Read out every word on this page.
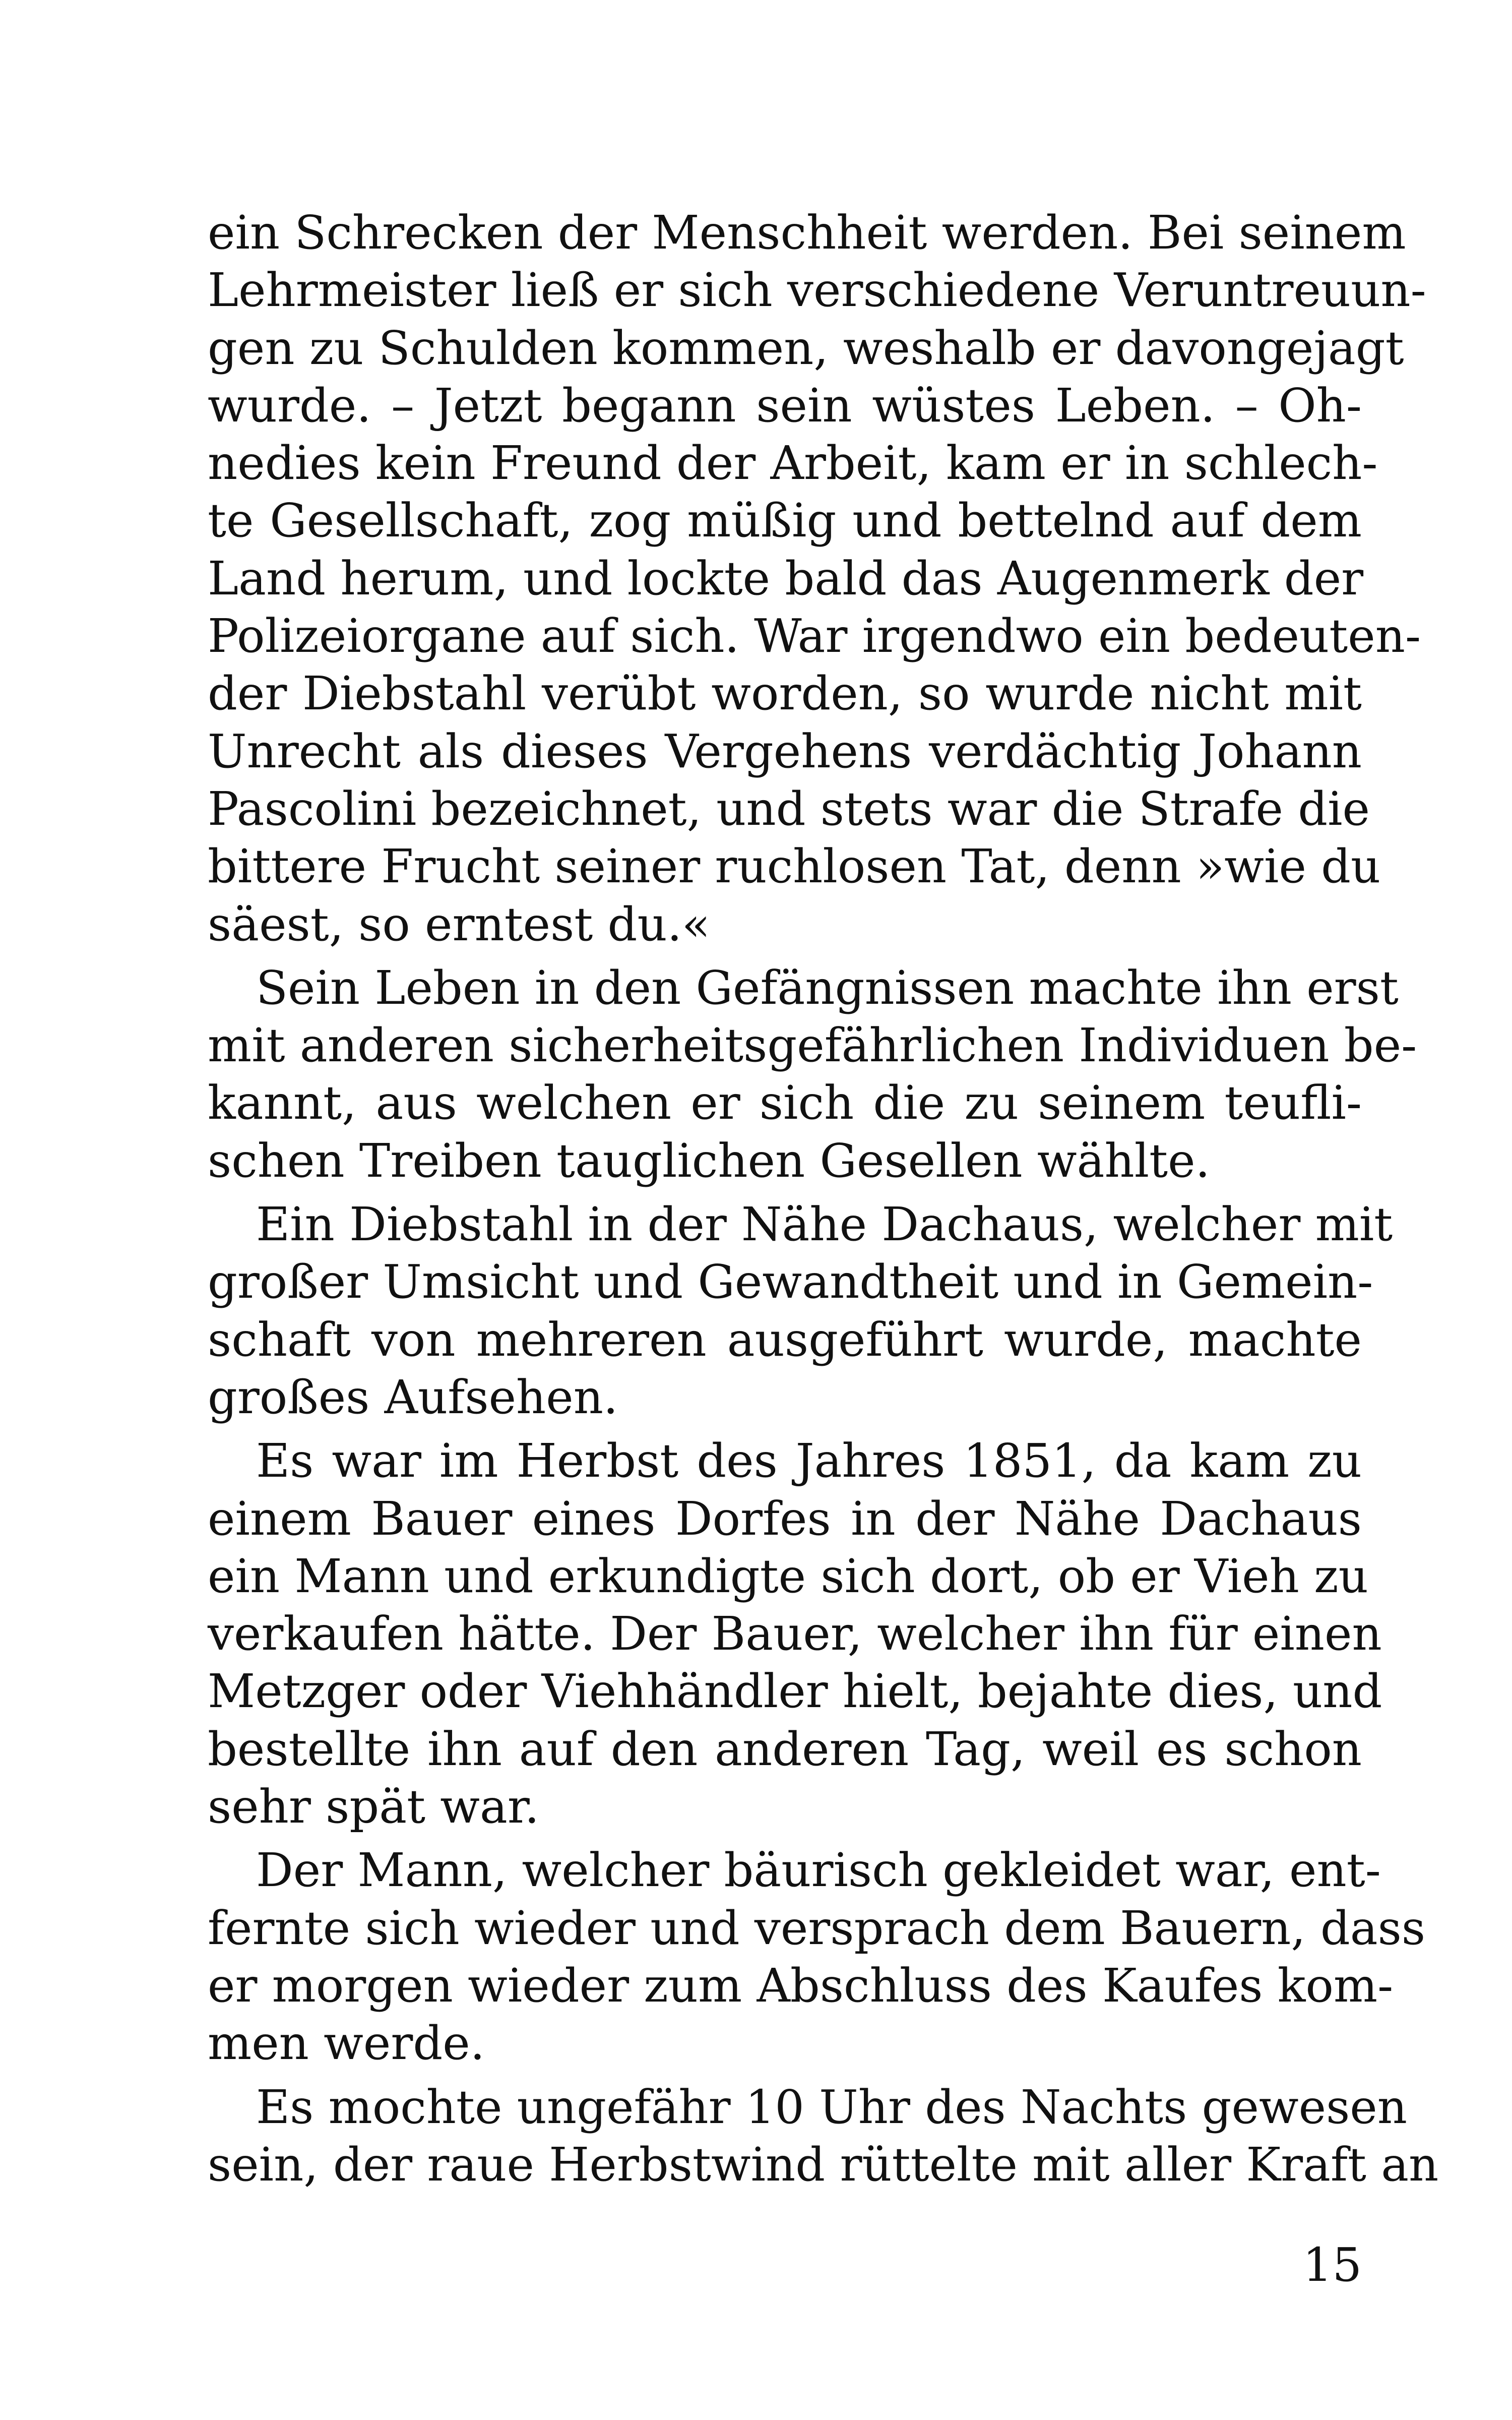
ein Schrecken der Menschheit werden. Bei seinem
Lehrmeister ließ er sich verschiedene Veruntreuun-
gen zu Schulden kommen, weshalb er davongejagt
wurde. – Jetzt begann sein wüstes Leben. – Oh-
nedies kein Freund der Arbeit, kam er in schlech-
te Gesellschaft, zog müßig und bettelnd auf dem
Land herum, und lockte bald das Augenmerk der
Polizeiorgane auf sich. War irgendwo ein bedeuten-
der Diebstahl verübt worden, so wurde nicht mit
Unrecht als dieses Vergehens verdächtig Johann
Pascolini bezeichnet, und stets war die Strafe die
bittere Frucht seiner ruchlosen Tat, denn »wie du
säest, so erntest du.«
Sein Leben in den Gefängnissen machte ihn erst
mit anderen sicherheitsgefährlichen Individuen be-
kannt, aus welchen er sich die zu seinem teufli-
schen Treiben tauglichen Gesellen wählte.
Ein Diebstahl in der Nähe Dachaus, welcher mit
großer Umsicht und Gewandtheit und in Gemein-
schaft von mehreren ausgeführt wurde, machte
großes Aufsehen.
Es war im Herbst des Jahres 1851, da kam zu
einem Bauer eines Dorfes in der Nähe Dachaus
ein Mann und erkundigte sich dort, ob er Vieh zu
verkaufen hätte. Der Bauer, welcher ihn für einen
Metzger oder Viehhändler hielt, bejahte dies, und
bestellte ihn auf den anderen Tag, weil es schon
sehr spät war.
Der Mann, welcher bäurisch gekleidet war, ent-
fernte sich wieder und versprach dem Bauern, dass
er morgen wieder zum Abschluss des Kaufes kom-
men werde.
Es mochte ungefähr 10 Uhr des Nachts gewesen
sein, der raue Herbstwind rüttelte mit aller Kraft an
15
